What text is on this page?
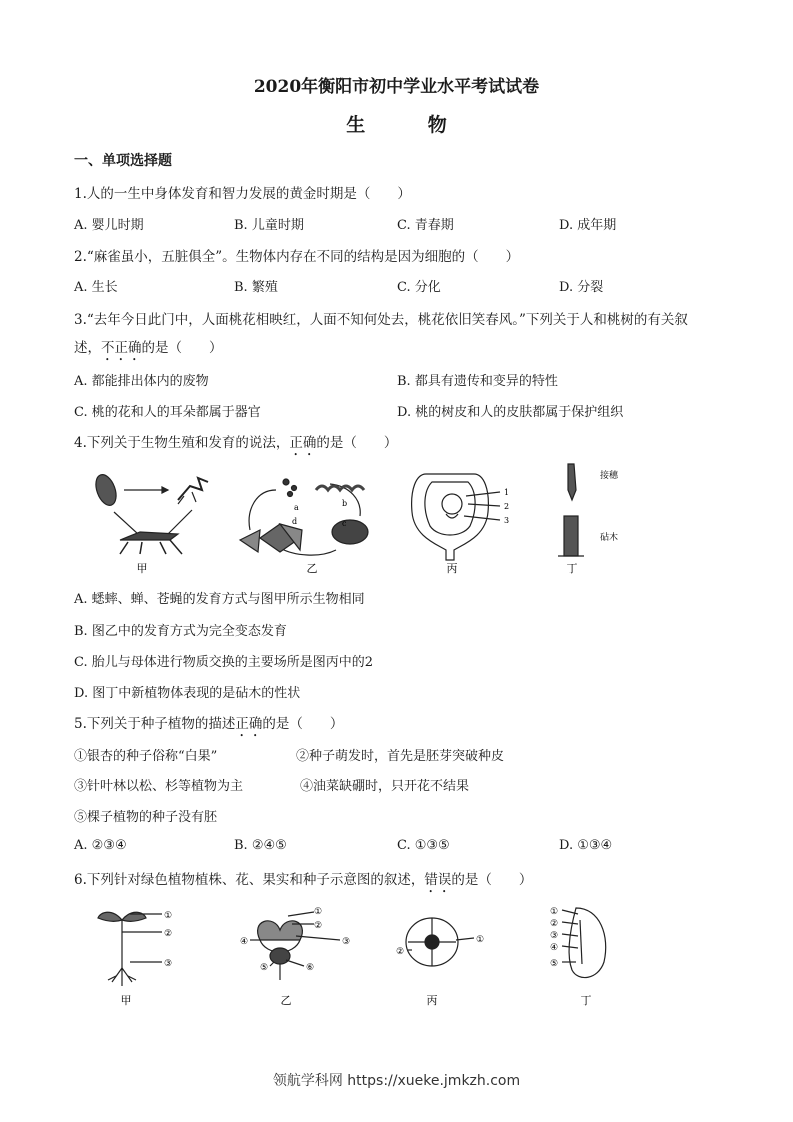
2020年衡阳市初中学业水平考试试卷
生 物
一、单项选择题
1.人的一生中身体发育和智力发展的黄金时期是（　　）
A. 婴儿时期	B. 儿童时期	C. 青春期	D. 成年期
2.“麻雀虽小，五脏俱全”。生物体内存在不同的结构是因为细胞的（　　）
A. 生长	B. 繁殖	C. 分化	D. 分裂
3.“去年今日此门中，人面桃花相映红，人面不知何处去，桃花依旧笑春风。”下列关于人和桃树的有关叙
述，不正确的是（　　）
A. 都能排出体内的废物	B. 都具有遗传和变异的特性
C. 桃的花和人的耳朵都属于器官	D. 桃的树皮和人的皮肤都属于保护组织
4.下列关于生物生殖和发育的说法，正确的是（　　）
甲
a	b
c
d
乙
1
2
3
丙
接穗
砧木
丁
A. 蟋蟀、蝉、苍蝇的发育方式与图甲所示生物相同
B. 图乙中的发育方式为完全变态发育
C. 胎儿与母体进行物质交换的主要场所是图丙中的2
D. 图丁中新植物体表现的是砧木的性状
5.下列关于种子植物的描述正确的是（　　）
①银杏的种子俗称“白果”	②种子萌发时，首先是胚芽突破种皮
③针叶林以松、杉等植物为主	④油菜缺硼时，只开花不结果
⑤棵子植物的种子没有胚
A. ②③④	B. ②④⑤	C. ①③⑤	D. ①③④
6.下列针对绿色植物植株、花、果实和种子示意图的叙述，错误的是（　　）
①
②
③
甲
①
②
③
④
⑤	⑥
乙
①
②
丙
①
②
③
④
⑤
丁
领航学科网 https://xueke.jmkzh.com
